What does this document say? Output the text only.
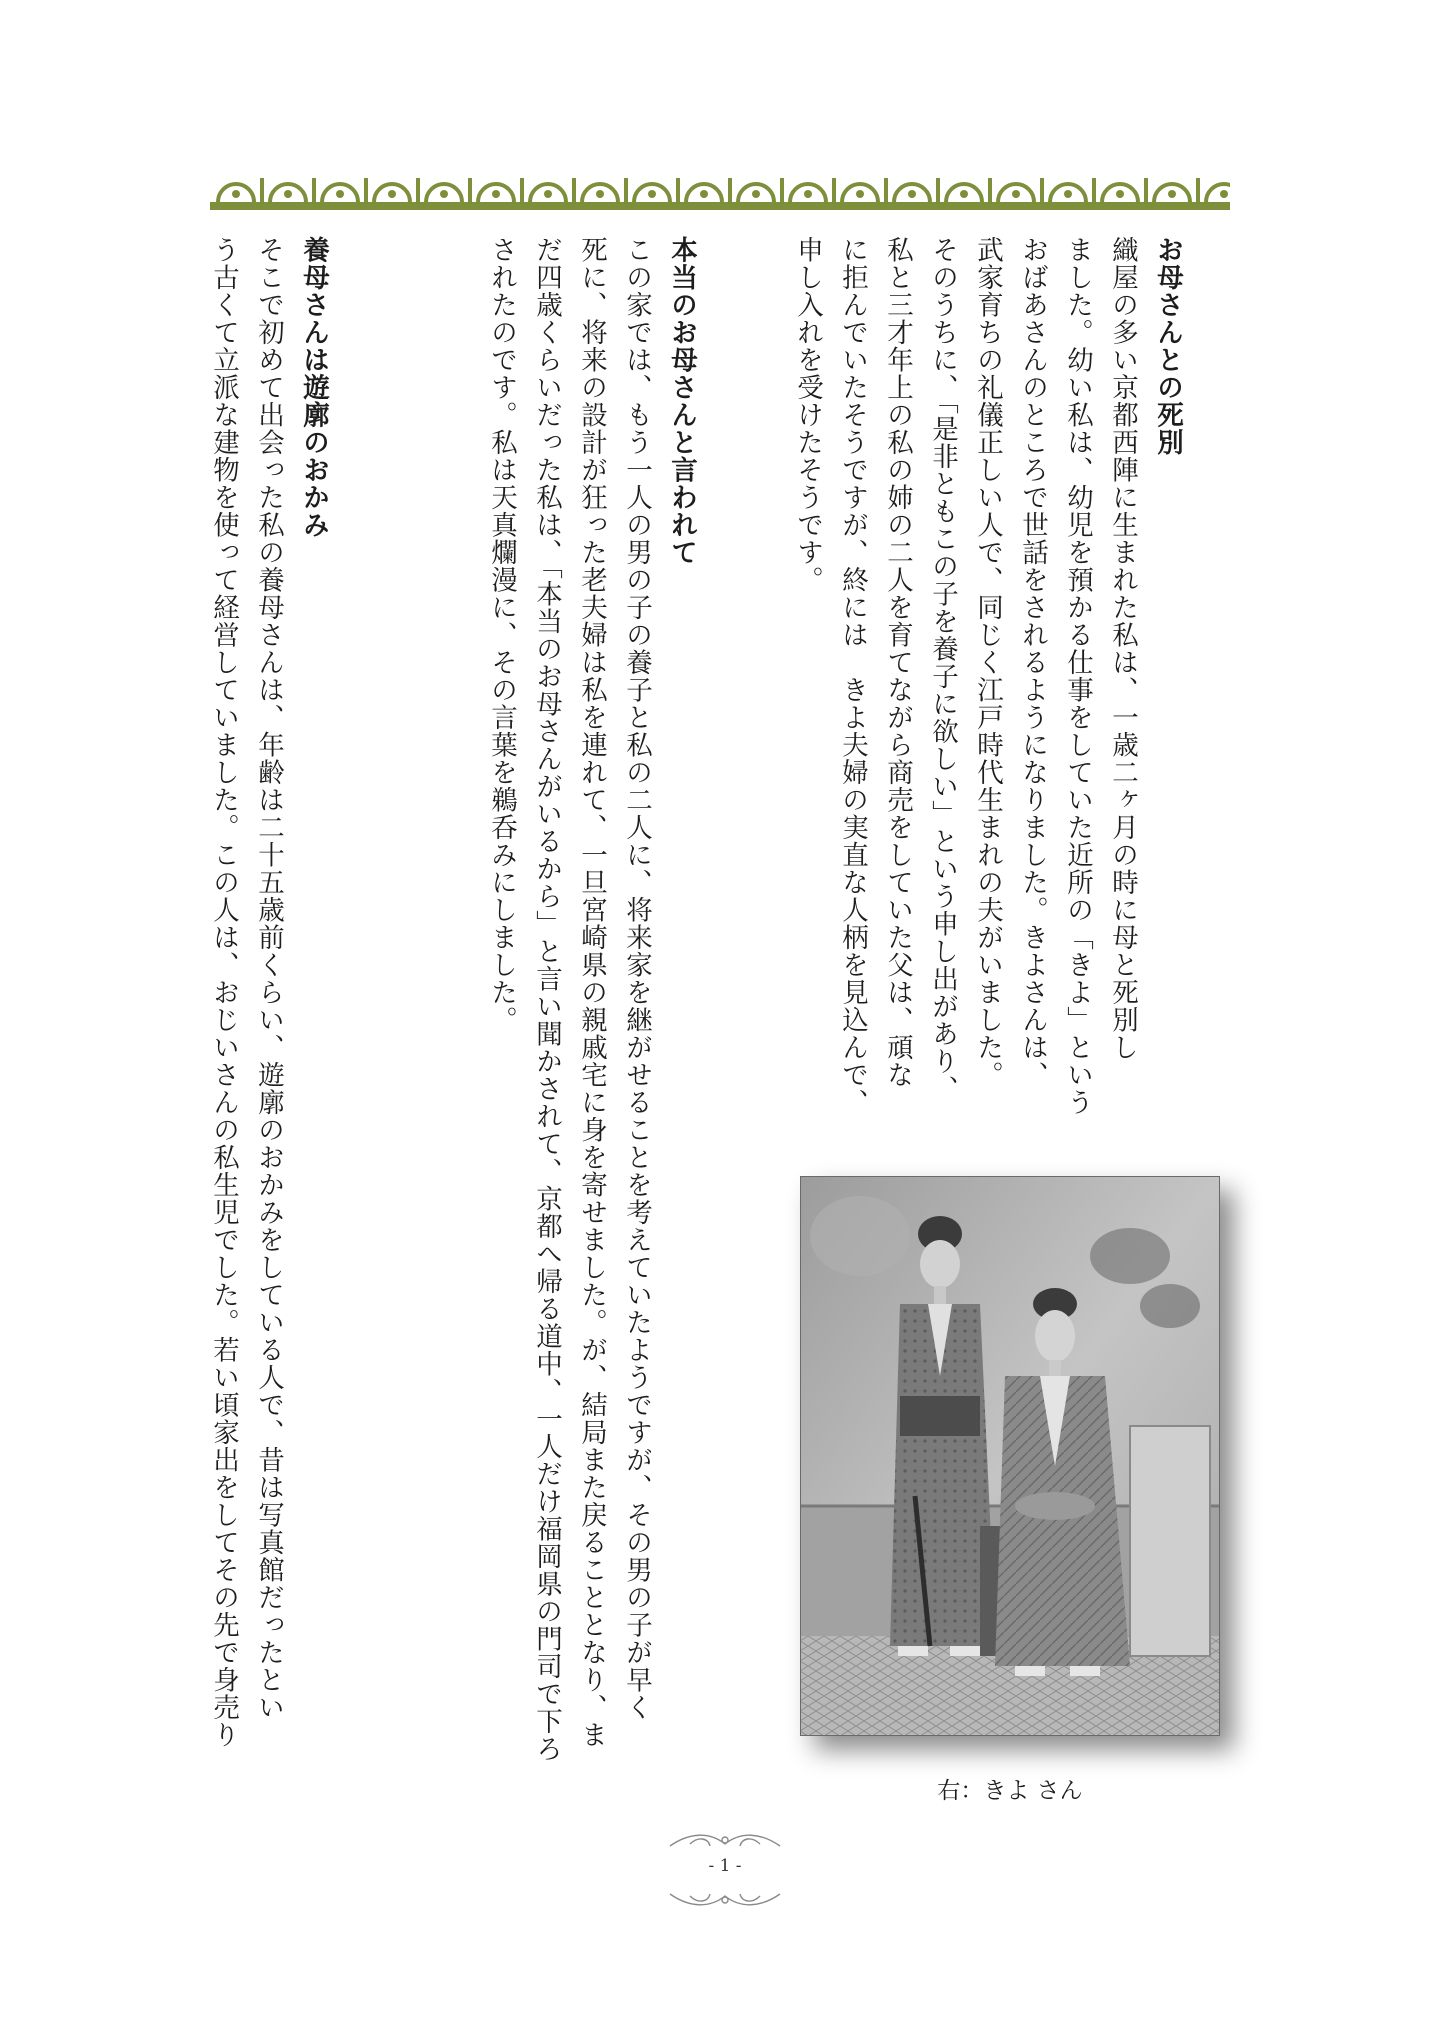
お母さんとの死別

織屋の多い京都西陣に生まれた私は、一歳二ヶ月の時に母と死別し

ました。幼い私は、幼児を預かる仕事をしていた近所の「きよ」という

おばあさんのところで世話をされるようになりました。きよさんは、

武家育ちの礼儀正しい人で、同じく江戸時代生まれの夫がいました。

そのうちに、「是非ともこの子を養子に欲しい」という申し出があり、

私と三才年上の私の姉の二人を育てながら商売をしていた父は、頑な

に拒んでいたそうですが、終には　きよ夫婦の実直な人柄を見込んで、

申し入れを受けたそうです。

本当のお母さんと言われて

この家では、もう一人の男の子の養子と私の二人に、将来家を継がせることを考えていたようですが、その男の子が早く

死に、将来の設計が狂った老夫婦は私を連れて、一旦宮崎県の親戚宅に身を寄せました。が、結局また戻ることとなり、ま

だ四歳くらいだった私は、「本当のお母さんがいるから」と言い聞かされて、京都へ帰る道中、一人だけ福岡県の門司で下ろ

されたのです。私は天真爛漫に、その言葉を鵜呑みにしました。

養母さんは遊廓のおかみ

そこで初めて出会った私の養母さんは、年齢は二十五歳前くらい、遊廓のおかみをしている人で、昔は写真館だったとい

う古くて立派な建物を使って経営していました。この人は、おじいさんの私生児でした。若い頃家出をしてその先で身売り

右：きよ さん
- 1 -
